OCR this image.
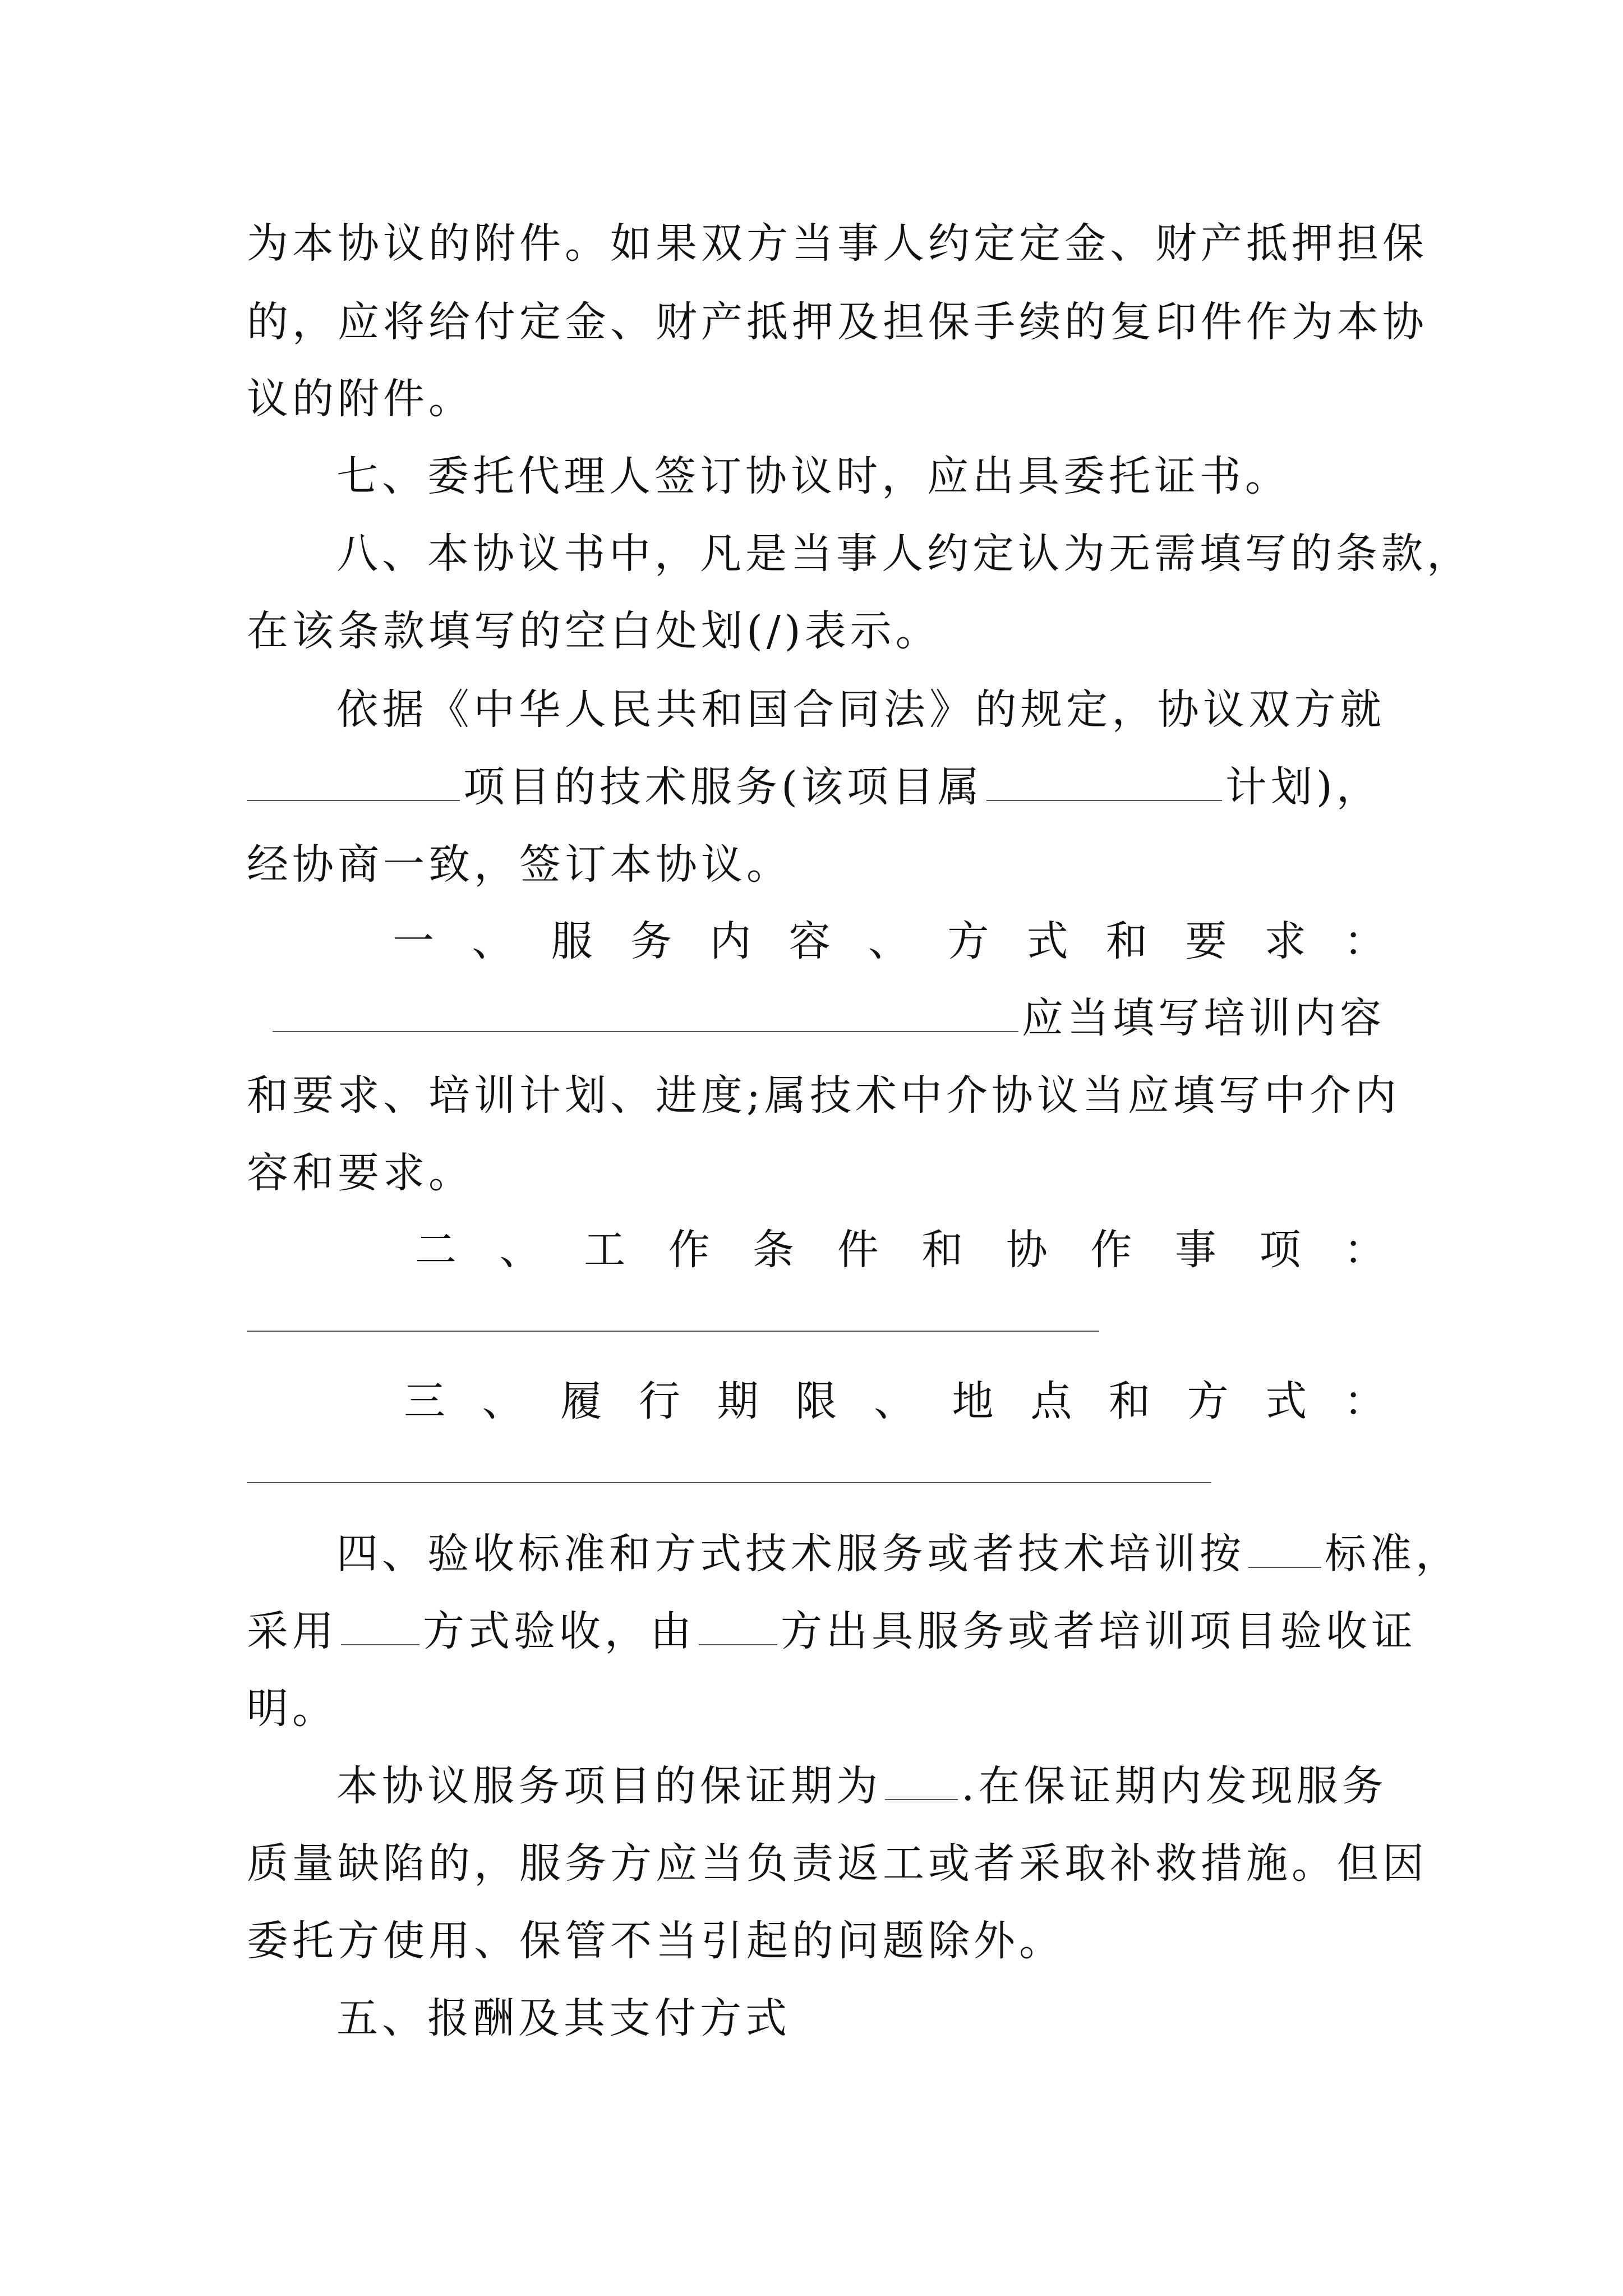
为本协议的附件。如果双方当事人约定定金、财产抵押担保

的，应将给付定金、财产抵押及担保手续的复印件作为本协

议的附件。

七、委托代理人签订协议时，应出具委托证书。

八、本协议书中，凡是当事人约定认为无需填写的条款，

在该条款填写的空白处划(/)表示。

依据《中华人民共和国合同法》的规定，协议双方就

项目的技术服务(该项目属	计划)，

经协商一致，签订本协议。

一、服务内容、方式和要求：

应当填写培训内容

和要求、培训计划、进度;属技术中介协议当应填写中介内

容和要求。

二、工作条件和协作事项：

三、履行期限、地点和方式：

四、验收标准和方式技术服务或者技术培训按 标准，

采用 方式验收，由 方出具服务或者培训项目验收证

明。

本协议服务项目的保证期为 .在保证期内发现服务

质量缺陷的，服务方应当负责返工或者采取补救措施。但因

委托方使用、保管不当引起的问题除外。

五、报酬及其支付方式
